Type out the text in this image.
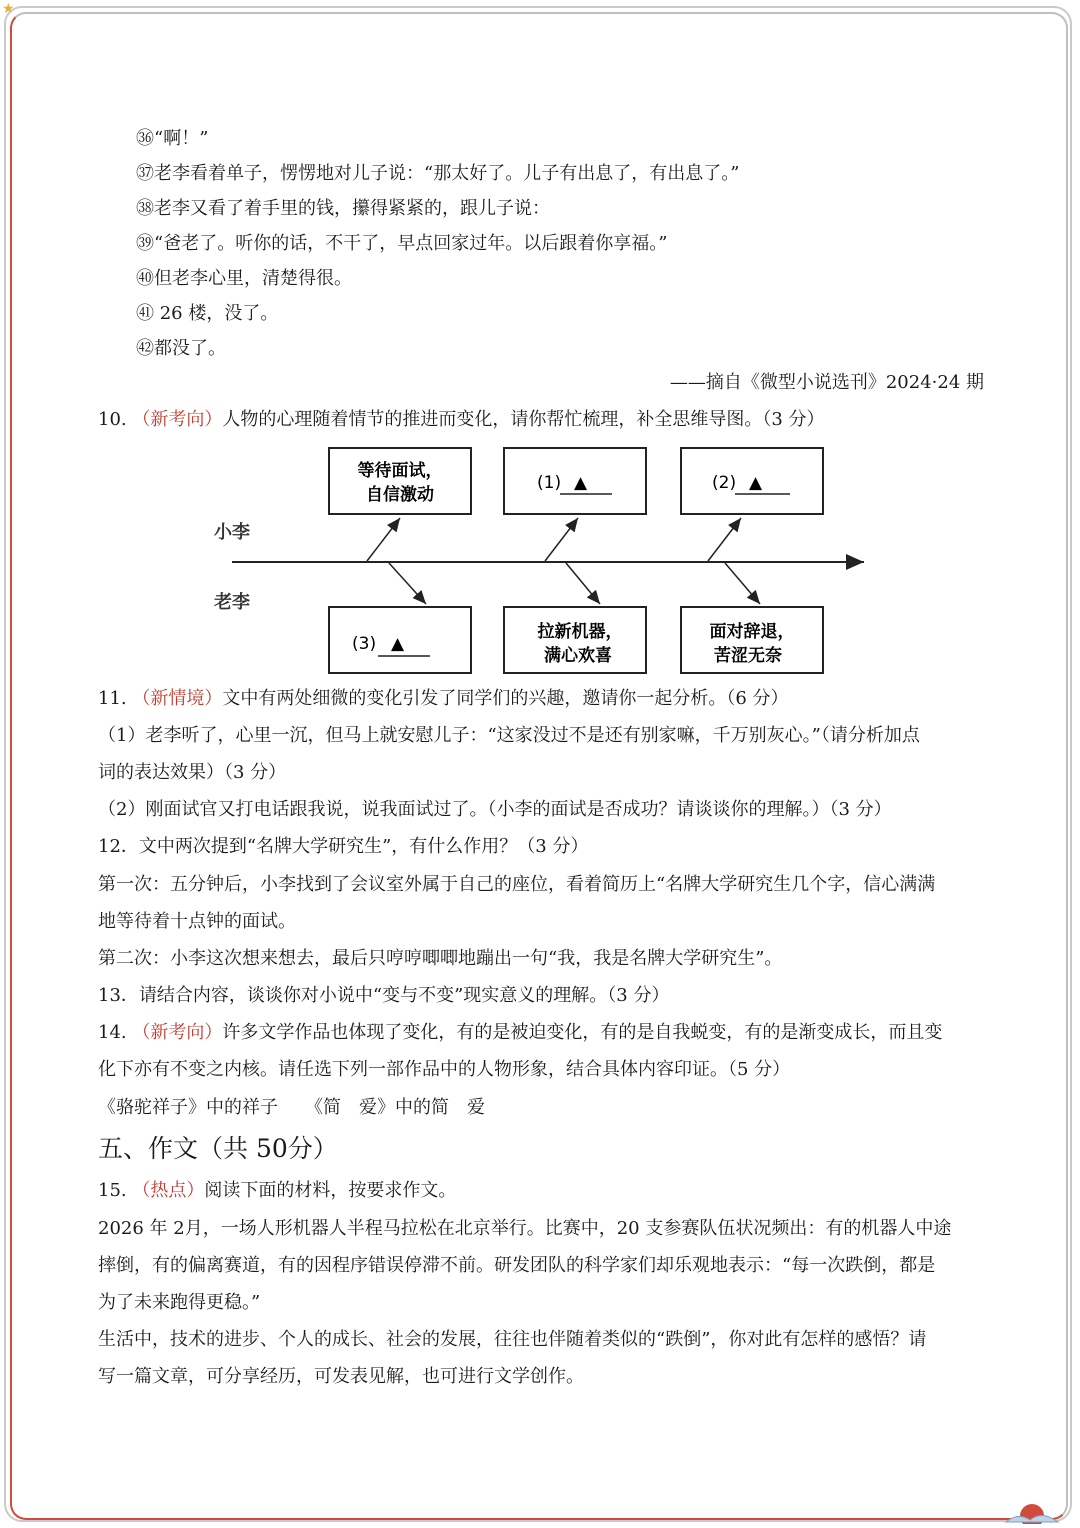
★
㊱“啊！”
㊲老李看着单子，愣愣地对儿子说：“那太好了。儿子有出息了，有出息了。”
㊳老李又看了着手里的钱，攥得紧紧的，跟儿子说：
㊴“爸老了。听你的话，不干了，早点回家过年。以后跟着你享福。”
㊵但老李心里，清楚得很。
㊶ 26 楼，没了。
㊷都没了。
——摘自《微型小说选刊》2024·24 期
10. （新考向）人物的心理随着情节的推进而变化，请你帮忙梳理，补全思维导图。（3 分）
小李
老李
等待面试，
自信激动
(1) ▲	(2) ▲
(3) ▲
拉新机器，
满心欢喜
面对辞退，
苦涩无奈
11. （新情境）文中有两处细微的变化引发了同学们的兴趣，邀请你一起分析。（6 分）
（1）老李听了，心里一沉，但马上就安慰儿子：“这家没过不是还有别家嘛，千万别灰心。”（请分析加点
词的表达效果）（3 分）
（2）刚面试官又打电话跟我说，说我面试过了。（小李的面试是否成功？请谈谈你的理解。）（3 分）
12．文中两次提到“名牌大学研究生”，有什么作用？（3 分）
第一次：五分钟后，小李找到了会议室外属于自己的座位，看着简历上“名牌大学研究生几个字，信心满满
地等待着十点钟的面试。
第二次：小李这次想来想去，最后只哼哼唧唧地蹦出一句“我，我是名牌大学研究生”。
13．请结合内容，谈谈你对小说中“变与不变”现实意义的理解。（3 分）
14. （新考向）许多文学作品也体现了变化，有的是被迫变化，有的是自我蜕变，有的是渐变成长，而且变
化下亦有不变之内核。请任选下列一部作品中的人物形象，结合具体内容印证。（5 分）
《骆驼祥子》中的祥子　　《简　爱》中的简　爱
五、作文（共 50分）
15. （热点）阅读下面的材料，按要求作文。
2026 年 2月，一场人形机器人半程马拉松在北京举行。比赛中，20 支参赛队伍状况频出：有的机器人中途
摔倒，有的偏离赛道，有的因程序错误停滞不前。研发团队的科学家们却乐观地表示：“每一次跌倒，都是
为了未来跑得更稳。”
生活中，技术的进步、个人的成长、社会的发展，往往也伴随着类似的“跌倒”，你对此有怎样的感悟？请
写一篇文章，可分享经历，可发表见解，也可进行文学创作。
